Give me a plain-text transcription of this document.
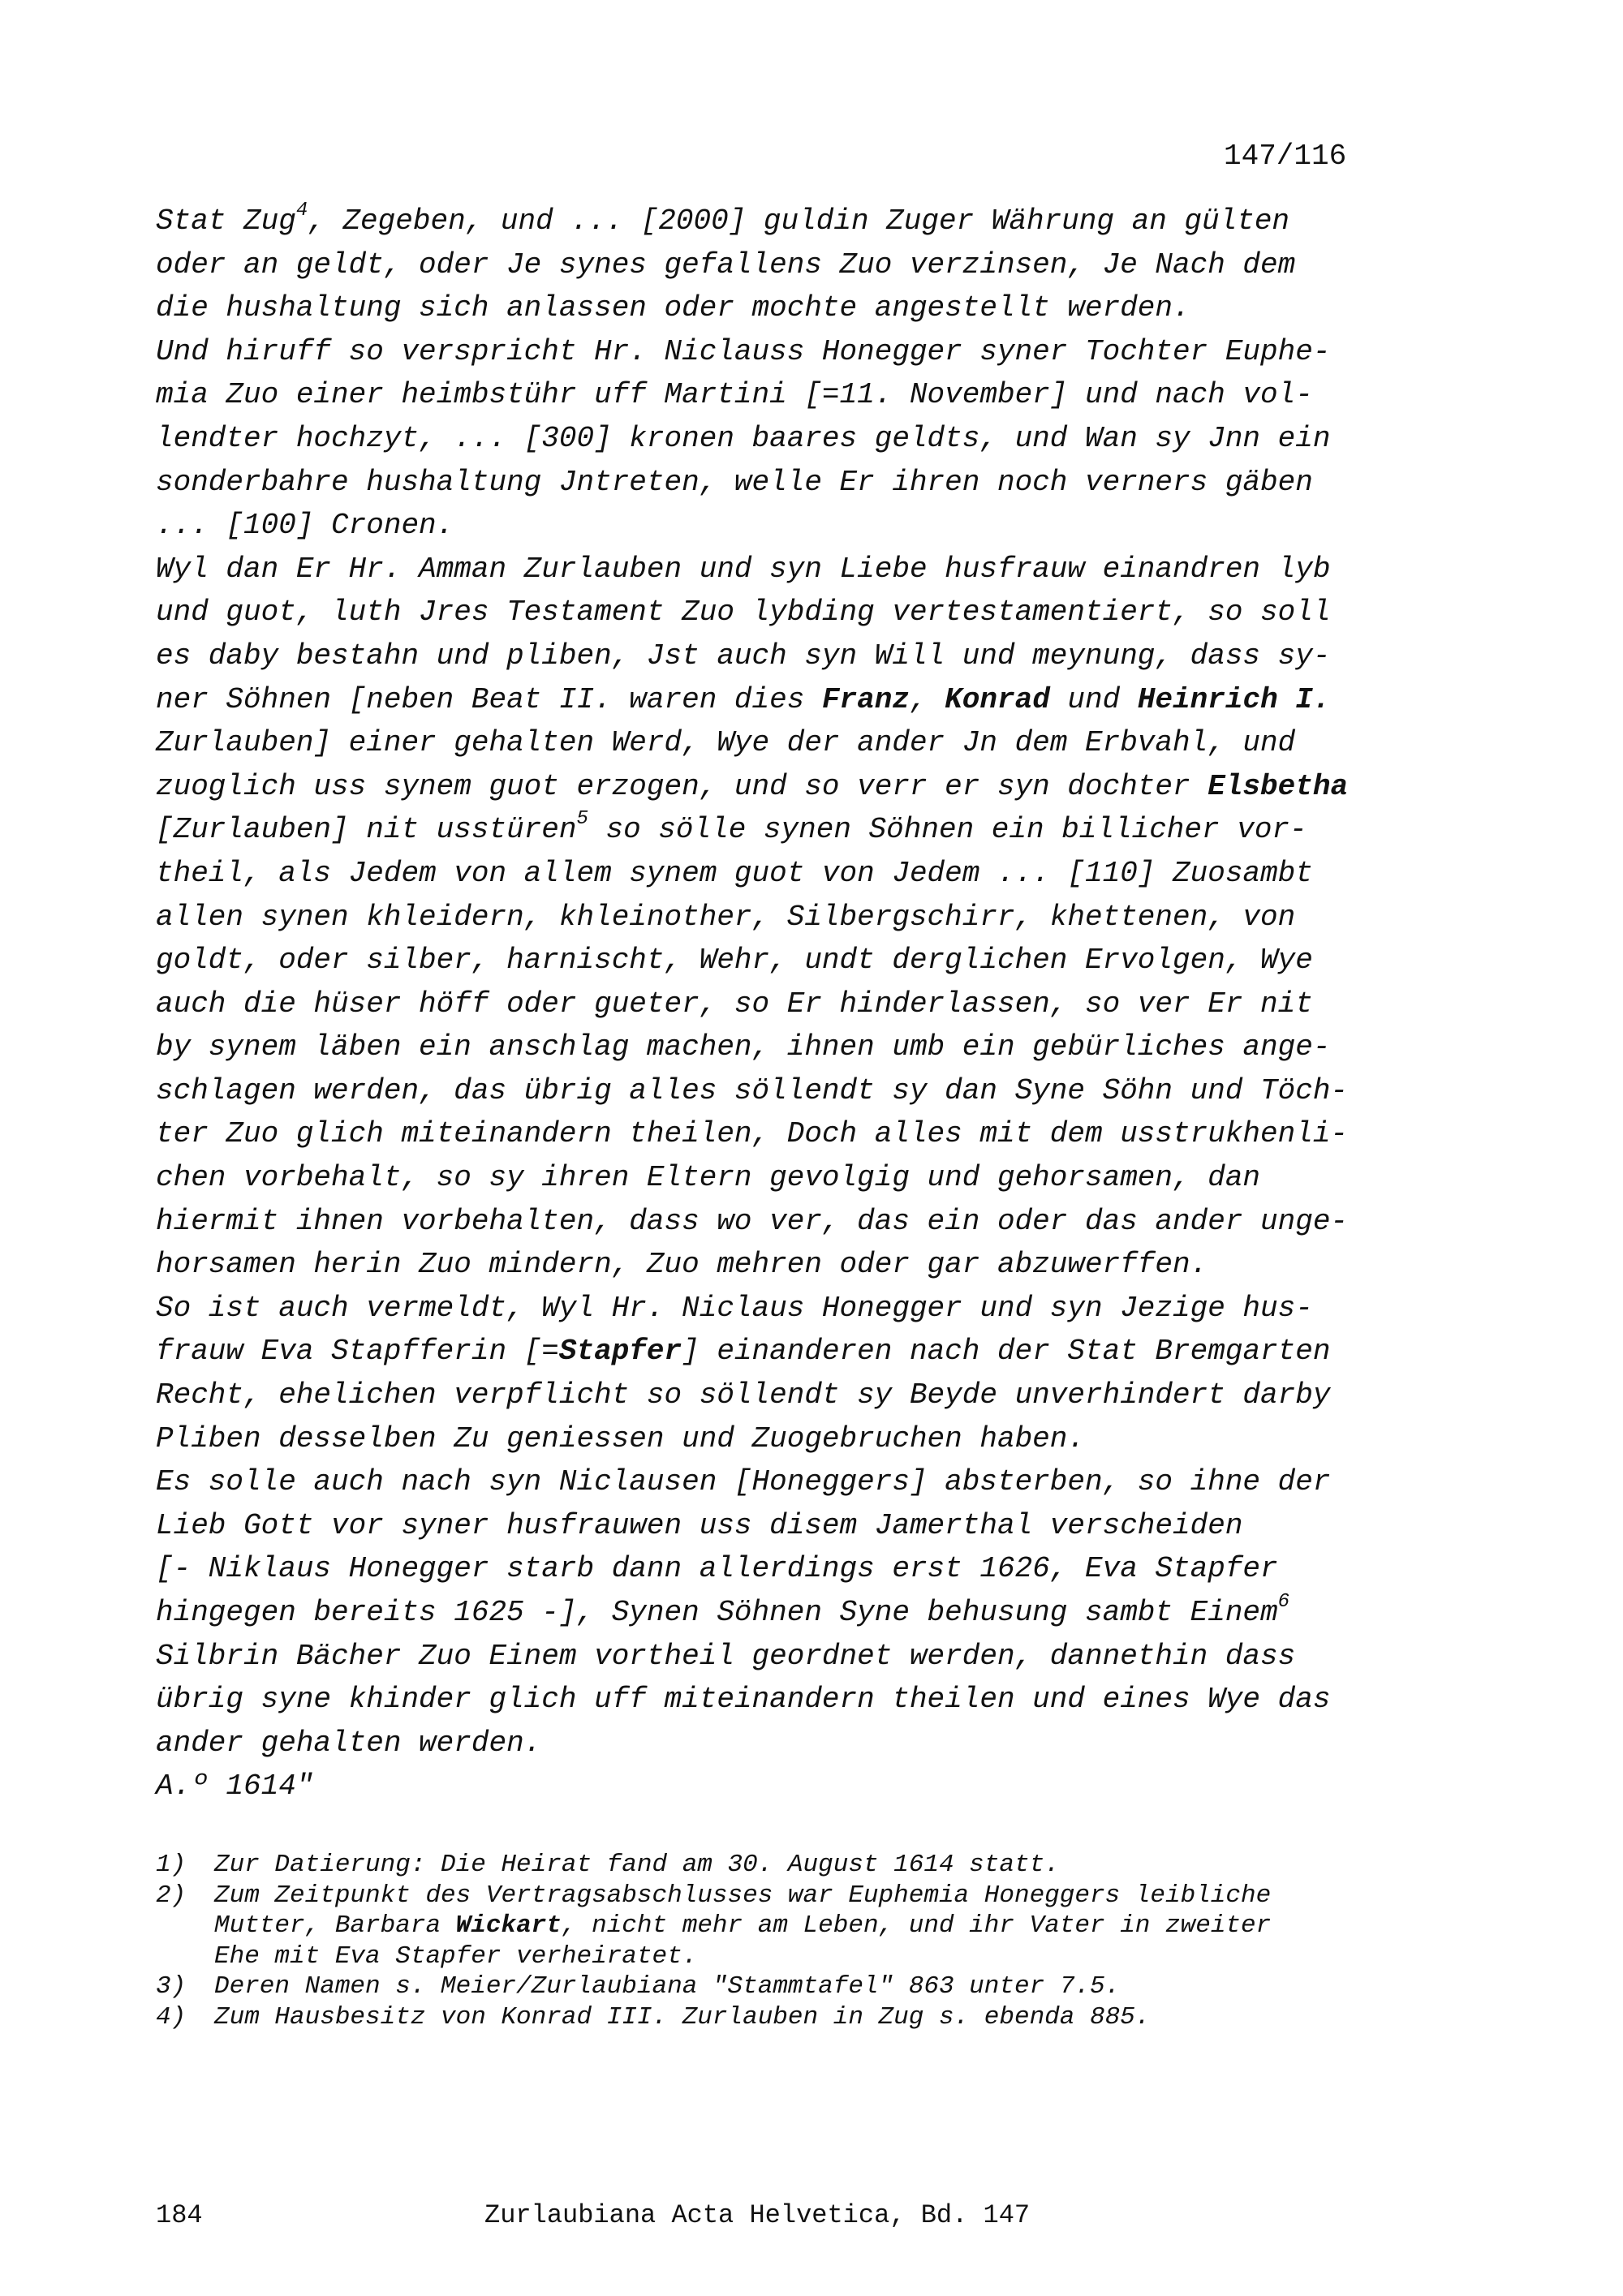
147/116
Stat Zug$^4$, Zegeben, und ... [2000] guldin Zuger Währung an gülten
oder an geldt, oder Je synes gefallens Zuo verzinsen, Je Nach dem
die hushaltung sich anlassen oder mochte angestellt werden.
Und hiruff so verspricht Hr. Niclauss Honegger syner Tochter Euphe-
mia Zuo einer heimbstühr uff Martini [=11. November] und nach vol-
lendter hochzyt, ... [300] kronen baares geldts, und Wan sy Jnn ein
sonderbahre hushaltung Jntreten, welle Er ihren noch verners gäben
... [100] Cronen.
Wyl dan Er Hr. Amman Zurlauben und syn Liebe husfrauw einandren lyb
und guot, luth Jres Testament Zuo lybding vertestamentiert, so soll
es daby bestahn und pliben, Jst auch syn Will und meynung, dass sy-
ner Söhnen [neben Beat II. waren dies Franz, Konrad und Heinrich I.
Zurlauben] einer gehalten Werd, Wye der ander Jn dem Erbvahl, und
zuoglich uss synem guot erzogen, und so verr er syn dochter Elsbetha
[Zurlauben] nit usstüren$^5$ so sölle synen Söhnen ein billicher vor-
theil, als Jedem von allem synem guot von Jedem ... [110] Zuosambt
allen synen khleidern, khleinother, Silbergschirr, khettenen, von
goldt, oder silber, harnischt, Wehr, undt derglichen Ervolgen, Wye
auch die hüser höff oder gueter, so Er hinderlassen, so ver Er nit
by synem läben ein anschlag machen, ihnen umb ein gebürliches ange-
schlagen werden, das übrig alles söllendt sy dan Syne Söhn und Töch-
ter Zuo glich miteinandern theilen, Doch alles mit dem usstrukhenli-
chen vorbehalt, so sy ihren Eltern gevolgig und gehorsamen, dan
hiermit ihnen vorbehalten, dass wo ver, das ein oder das ander unge-
horsamen herin Zuo mindern, Zuo mehren oder gar abzuwerffen.
So ist auch vermeldt, Wyl Hr. Niclaus Honegger und syn Jezige hus-
frauw Eva Stapfferin [=Stapfer] einanderen nach der Stat Bremgarten
Recht, ehelichen verpflicht so söllendt sy Beyde unverhindert darby
Pliben desselben Zu geniessen und Zuogebruchen haben.
Es solle auch nach syn Niclausen [Honeggers] absterben, so ihne der
Lieb Gott vor syner husfrauwen uss disem Jamerthal verscheiden
[- Niklaus Honegger starb dann allerdings erst 1626, Eva Stapfer
hingegen bereits 1625 -], Synen Söhnen Syne behusung sambt Einem$^6$
Silbrin Bächer Zuo Einem vortheil geordnet werden, dannethin dass
übrig syne khinder glich uff miteinandern theilen und eines Wye das
ander gehalten werden.
A.º 1614"
1)	Zur Datierung: Die Heirat fand am 30. August 1614 statt.
2)	Zum Zeitpunkt des Vertragsabschlusses war Euphemia Honeggers leibliche
Mutter, Barbara Wickart, nicht mehr am Leben, und ihr Vater in zweiter
Ehe mit Eva Stapfer verheiratet.
3)	Deren Namen s. Meier/Zurlaubiana "Stammtafel" 863 unter 7.5.
4)	Zum Hausbesitz von Konrad III. Zurlauben in Zug s. ebenda 885.
184	Zurlaubiana Acta Helvetica, Bd. 147
